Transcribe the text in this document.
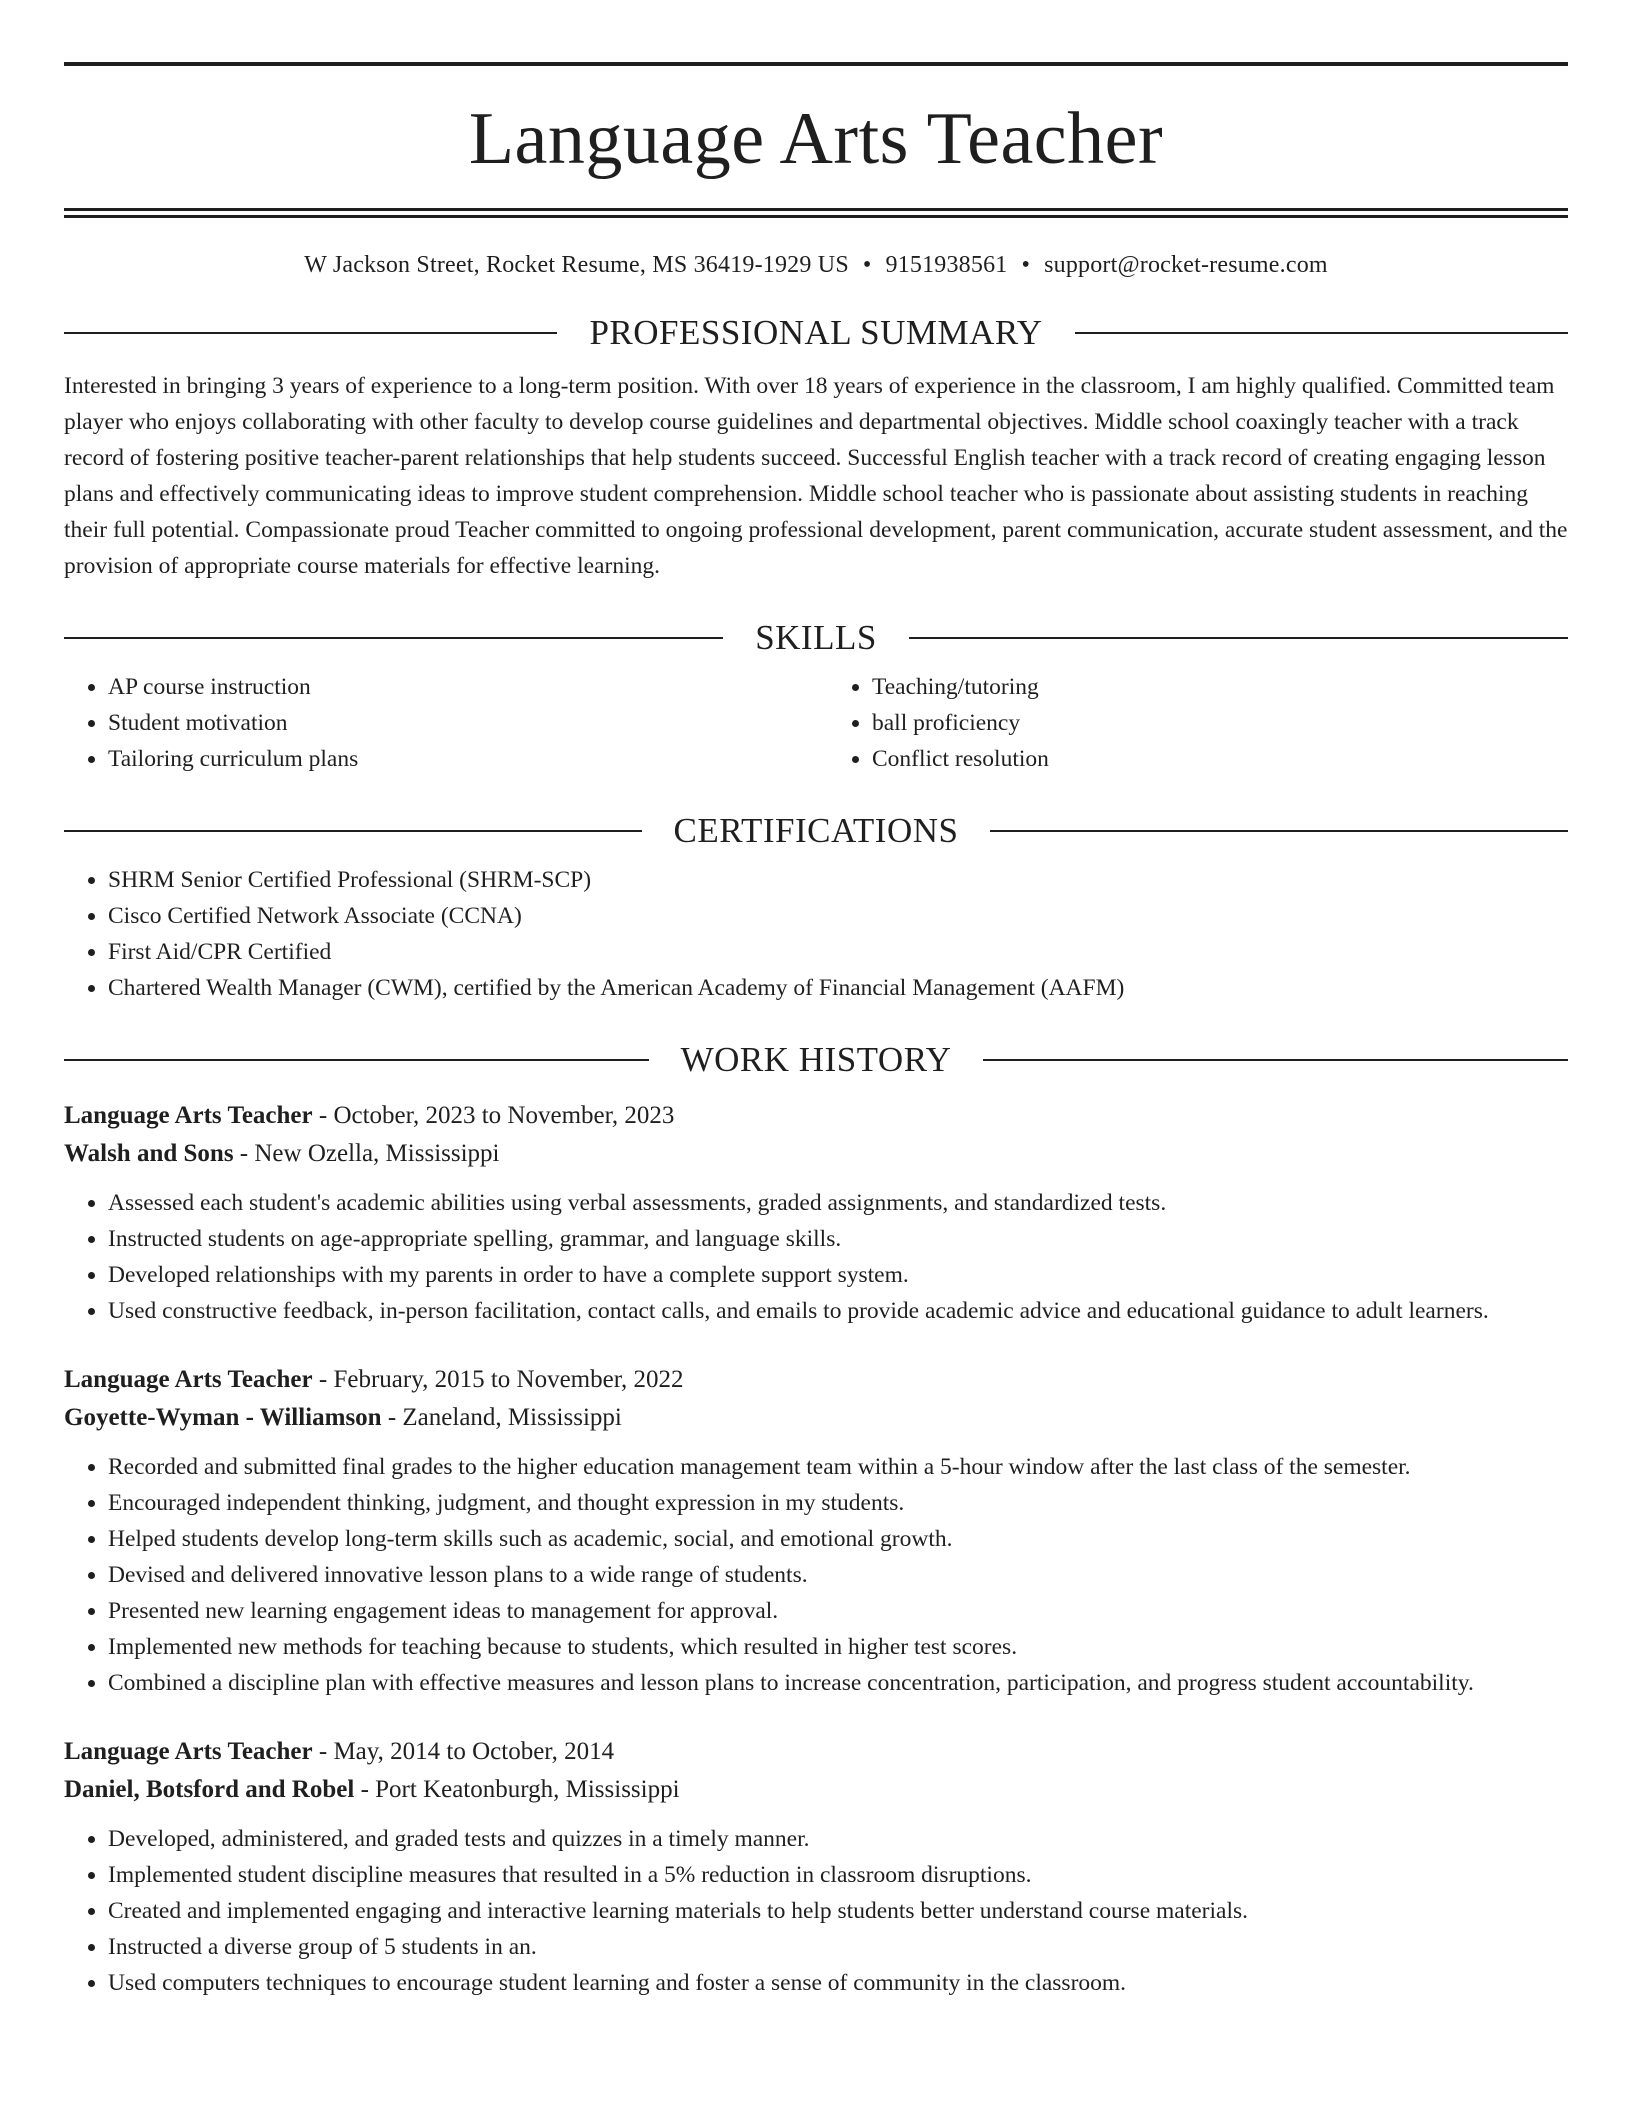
Language Arts Teacher
W Jackson Street, Rocket Resume, MS 36419-1929 US • 9151938561 • support@rocket-resume.com
PROFESSIONAL SUMMARY

Interested in bringing 3 years of experience to a long-term position. With over 18 years of experience in the classroom, I am highly qualified. Committed team player who enjoys collaborating with other faculty to develop course guidelines and departmental objectives. Middle school coaxingly teacher with a track record of fostering positive teacher-parent relationships that help students succeed. Successful English teacher with a track record of creating engaging lesson plans and effectively communicating ideas to improve student comprehension. Middle school teacher who is passionate about assisting students in reaching their full potential. Compassionate proud Teacher committed to ongoing professional development, parent communication, accurate student assessment, and the provision of appropriate course materials for effective learning.

SKILLS
• AP course instruction
• Student motivation
• Tailoring curriculum plans
• Teaching/tutoring
• ball proficiency
• Conflict resolution
CERTIFICATIONS
• SHRM Senior Certified Professional (SHRM-SCP)
• Cisco Certified Network Associate (CCNA)
• First Aid/CPR Certified
• Chartered Wealth Manager (CWM), certified by the American Academy of Financial Management (AAFM)
WORK HISTORY
Language Arts Teacher - October, 2023 to November, 2023
Walsh and Sons - New Ozella, Mississippi
• Assessed each student's academic abilities using verbal assessments, graded assignments, and standardized tests.
• Instructed students on age-appropriate spelling, grammar, and language skills.
• Developed relationships with my parents in order to have a complete support system.
• Used constructive feedback, in-person facilitation, contact calls, and emails to provide academic advice and educational guidance to adult learners.
Language Arts Teacher - February, 2015 to November, 2022
Goyette-Wyman - Williamson - Zaneland, Mississippi
• Recorded and submitted final grades to the higher education management team within a 5-hour window after the last class of the semester.
• Encouraged independent thinking, judgment, and thought expression in my students.
• Helped students develop long-term skills such as academic, social, and emotional growth.
• Devised and delivered innovative lesson plans to a wide range of students.
• Presented new learning engagement ideas to management for approval.
• Implemented new methods for teaching because to students, which resulted in higher test scores.
• Combined a discipline plan with effective measures and lesson plans to increase concentration, participation, and progress student accountability.
Language Arts Teacher - May, 2014 to October, 2014
Daniel, Botsford and Robel - Port Keatonburgh, Mississippi
• Developed, administered, and graded tests and quizzes in a timely manner.
• Implemented student discipline measures that resulted in a 5% reduction in classroom disruptions.
• Created and implemented engaging and interactive learning materials to help students better understand course materials.
• Instructed a diverse group of 5 students in an.
• Used computers techniques to encourage student learning and foster a sense of community in the classroom.
